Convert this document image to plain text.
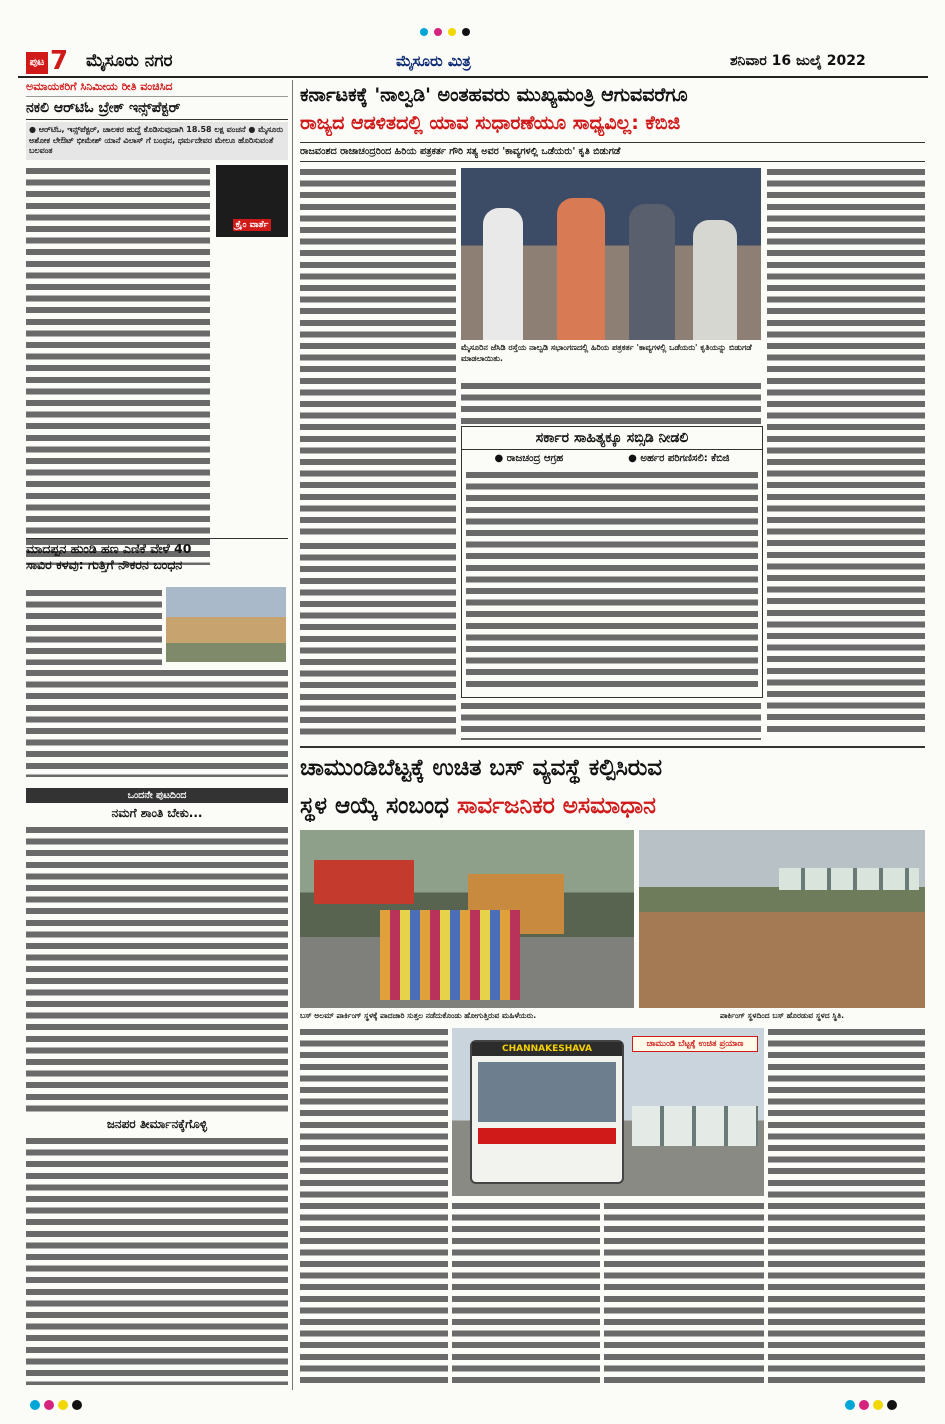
ಪುಟ 7 ಮೈಸೂರು ನಗರ	ಮೈಸೂರು ಮಿತ್ರ	ಶನಿವಾರ 16 ಜುಲೈ 2022
ಅಮಾಯಕರಿಗೆ ಸಿನಿಮೀಯ ರೀತಿ ವಂಚಿಸಿದ
ನಕಲಿ ಆರ್‌ಟಿಓ ಬ್ರೇಕ್ ಇನ್ಸ್‌ಪೆಕ್ಟರ್
● ಆರ್‌ಟಿಓ, ಇನ್ಸ್‌ಪೆಕ್ಟರ್, ಚಾಲಕರ ಹುದ್ದೆ ಕೊಡಿಸುವುದಾಗಿ 18.58 ಲಕ್ಷ ವಂಚನೆ ● ಮೈಸೂರು ಅಶೋಕ ಲೇಔಟ್ ಭೀಮೇಶ್ ಯಾನೆ ವಿಲಾಸ್ ಗೆ ಬಂಧನ, ಧರ್ಮದೇವರ ಮೇಲೂ ಹೊರಿಸುವಂತೆ ಬಲವಂತ
ಕ್ರೈಂ ವಾರ್ತೆ
ಮಾದಪ್ಪನ ಹುಂಡಿ ಹಣ ಎಣಿಕೆ ವೇಳೆ 40
ಸಾವಿರ ಕಳವು: ಗುತ್ತಿಗೆ ನೌಕರನ ಬಂಧನ
ಒಂದನೇ ಪುಟದಿಂದ
ನಮಗೆ ಶಾಂತಿ ಬೇಕು...
ಜನಪರ ತೀರ್ಮಾನಕ್ಕೆಗೊಳ್ಳಿ
ಕರ್ನಾಟಕಕ್ಕೆ 'ನಾಲ್ವಡಿ' ಅಂತಹವರು ಮುಖ್ಯಮಂತ್ರಿ ಆಗುವವರೆಗೂ
ರಾಜ್ಯದ ಆಡಳಿತದಲ್ಲಿ ಯಾವ ಸುಧಾರಣೆಯೂ ಸಾಧ್ಯವಿಲ್ಲ: ಕೆಬಿಜಿ
ರಾಜವಂಶದ ರಾಜಾಚಂದ್ರರಿಂದ ಹಿರಿಯ ಪತ್ರಕರ್ತ ಗೌರಿ ಸತ್ಯ ಅವರ 'ಕಾವ್ಯಗಳಲ್ಲಿ ಒಡೆಯರು' ಕೃತಿ ಬಿಡುಗಡೆ
ಮೈಸೂರಿನ ಜೆಸಿಡಿ ರಸ್ತೆಯ ನಾಲ್ವಡಿ ಸಭಾಂಗಣದಲ್ಲಿ ಹಿರಿಯ ಪತ್ರಕರ್ತ 'ಕಾವ್ಯಗಳಲ್ಲಿ ಒಡೆಯರು' ಕೃತಿಯನ್ನು ಬಿಡುಗಡೆ ಮಾಡಲಾಯಿತು.
ಸರ್ಕಾರ ಸಾಹಿತ್ಯಕ್ಕೂ ಸಬ್ಸಿಡಿ ನೀಡಲಿ
● ರಾಜಚಂದ್ರ ಆಗ್ರಹ	● ಅರ್ಹರ ಪರಿಗಣಿಸಲಿ: ಕೆಬಿಜಿ
ಚಾಮುಂಡಿಬೆಟ್ಟಕ್ಕೆ ಉಚಿತ ಬಸ್ ವ್ಯವಸ್ಥೆ ಕಲ್ಪಿಸಿರುವ
ಸ್ಥಳ ಆಯ್ಕೆ ಸಂಬಂಧ ಸಾರ್ವಜನಿಕರ ಅಸಮಾಧಾನ
ಬಸ್ ಅಲಮ್ ಪಾರ್ಕಿಂಗ್ ಸ್ಥಳಕ್ಕೆ ಪಾದಚಾರಿ ಸುತ್ತಲ ನಡೆದುಕೊಂಡು ಹೋಗುತ್ತಿರುವ ಮಹಿಳೆಯರು.	ಪಾರ್ಕಿಂಗ್ ಸ್ಥಳದಿಂದ ಬಸ್ ಹೊರಡುವ ಸ್ಥಳದ ಸ್ಥಿತಿ.
CHANNAKESHAVA	ಚಾಮುಂಡಿ ಬೆಟ್ಟಕ್ಕೆ ಉಚಿತ ಪ್ರಯಾಣ
